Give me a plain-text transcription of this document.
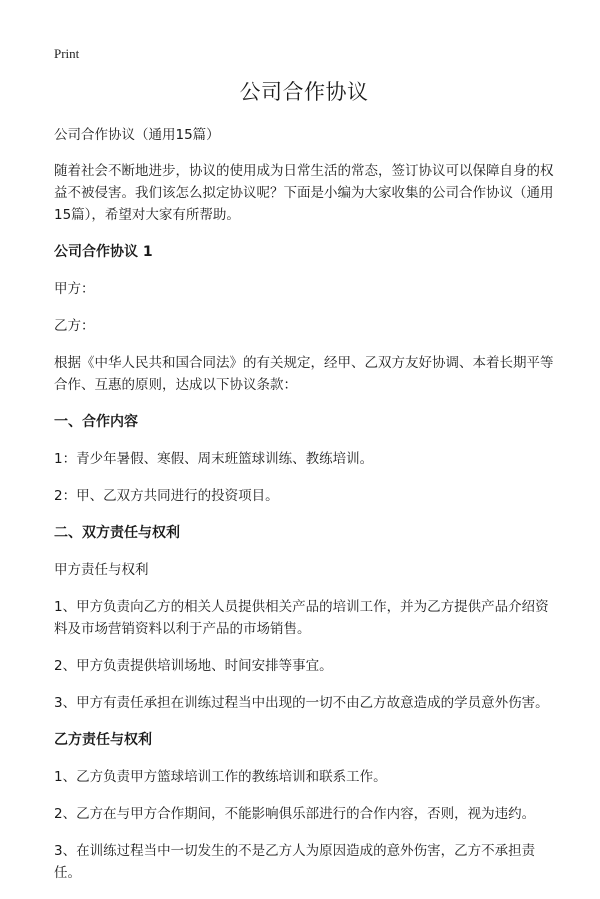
Print
公司合作协议

公司合作协议（通用15篇）

随着社会不断地进步，协议的使用成为日常生活的常态，签订协议可以保障自身的权益不被侵害。我们该怎么拟定协议呢？下面是小编为大家收集的公司合作协议（通用15篇），希望对大家有所帮助。

公司合作协议 1

甲方：

乙方：

根据《中华人民共和国合同法》的有关规定，经甲、乙双方友好协调、本着长期平等合作、互惠的原则，达成以下协议条款：

一、合作内容

1：青少年暑假、寒假、周末班篮球训练、教练培训。

2：甲、乙双方共同进行的投资项目。

二、双方责任与权利

甲方责任与权利

1、甲方负责向乙方的相关人员提供相关产品的培训工作，并为乙方提供产品介绍资料及市场营销资料以利于产品的市场销售。

2、甲方负责提供培训场地、时间安排等事宜。

3、甲方有责任承担在训练过程当中出现的一切不由乙方故意造成的学员意外伤害。

乙方责任与权利

1、乙方负责甲方篮球培训工作的教练培训和联系工作。

2、乙方在与甲方合作期间，不能影响俱乐部进行的合作内容，否则，视为违约。

3、在训练过程当中一切发生的不是乙方人为原因造成的意外伤害，乙方不承担责任。
